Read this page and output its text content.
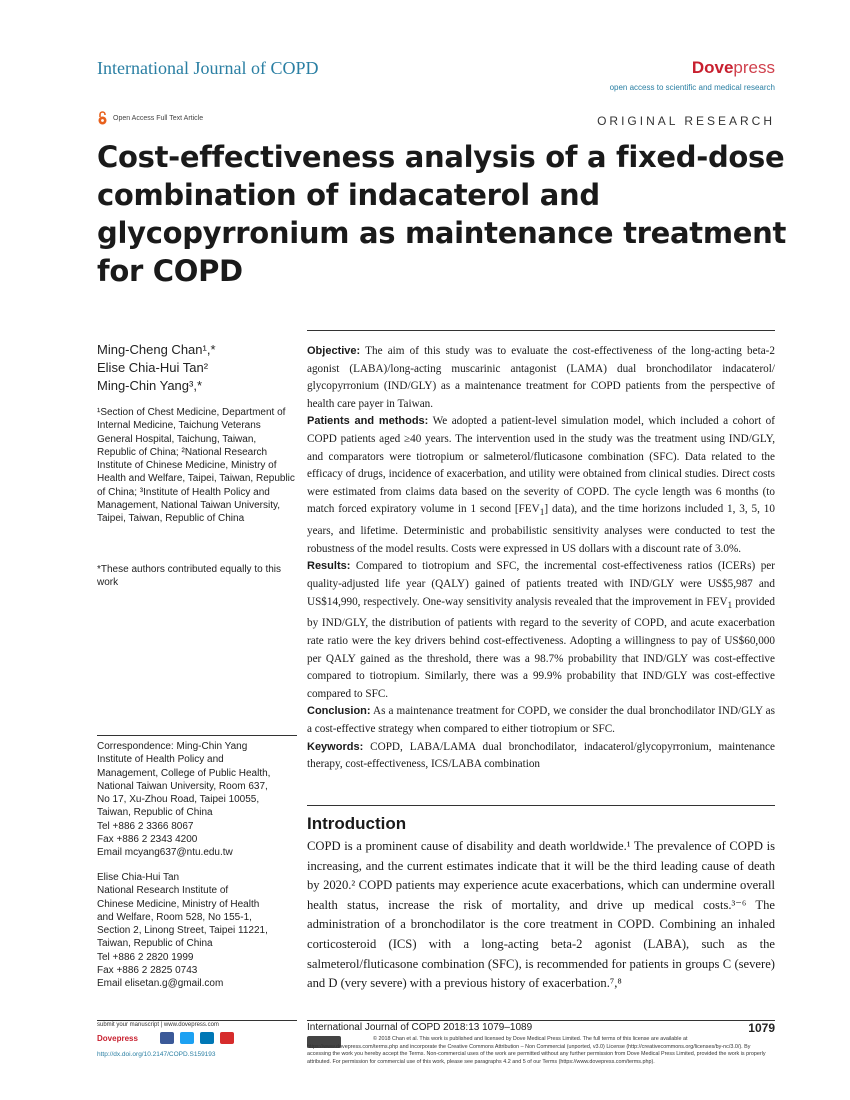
International Journal of COPD	Dovepress
open access to scientific and medical research
Open Access Full Text Article	ORIGINAL RESEARCH
Cost-effectiveness analysis of a fixed-dose combination of indacaterol and glycopyrronium as maintenance treatment for COPD
Ming-Cheng Chan¹,*
Elise Chia-Hui Tan²
Ming-Chin Yang³,*
¹Section of Chest Medicine, Department of Internal Medicine, Taichung Veterans General Hospital, Taichung, Taiwan, Republic of China; ²National Research Institute of Chinese Medicine, Ministry of Health and Welfare, Taipei, Taiwan, Republic of China; ³Institute of Health Policy and Management, National Taiwan University, Taipei, Taiwan, Republic of China
*These authors contributed equally to this work

Objective: The aim of this study was to evaluate the cost-effectiveness of the long-acting beta-2 agonist (LABA)/long-acting muscarinic antagonist (LAMA) dual bronchodilator indacaterol/ glycopyrronium (IND/GLY) as a maintenance treatment for COPD patients from the perspective of health care payer in Taiwan.

Patients and methods: We adopted a patient-level simulation model, which included a cohort of COPD patients aged ≥40 years. The intervention used in the study was the treatment using IND/GLY, and comparators were tiotropium or salmeterol/fluticasone combination (SFC). Data related to the efficacy of drugs, incidence of exacerbation, and utility were obtained from clinical studies. Direct costs were estimated from claims data based on the severity of COPD. The cycle length was 6 months (to match forced expiratory volume in 1 second $[FEV_1]$ data), and the time horizons included 1, 3, 5, 10 years, and lifetime. Deterministic and probabilistic sensitivity analyses were conducted to test the robustness of the model results. Costs were expressed in US dollars with a discount rate of 3.0%.

Results: Compared to tiotropium and SFC, the incremental cost-effectiveness ratios (ICERs) per quality-adjusted life year (QALY) gained of patients treated with IND/GLY were US$5,987 and US$14,990, respectively. One-way sensitivity analysis revealed that the improvement in $FEV_1$ provided by IND/GLY, the distribution of patients with regard to the severity of COPD, and acute exacerbation rate ratio were the key drivers behind cost-effectiveness. Adopting a willingness to pay of US$60,000 per QALY gained as the threshold, there was a 98.7% probability that IND/GLY was cost-effective compared to tiotropium. Similarly, there was a 99.9% probability that IND/GLY was cost-effective compared to SFC.

Conclusion: As a maintenance treatment for COPD, we consider the dual bronchodilator IND/GLY as a cost-effective strategy when compared to either tiotropium or SFC.

Keywords: COPD, LABA/LAMA dual bronchodilator, indacaterol/glycopyrronium, maintenance therapy, cost-effectiveness, ICS/LABA combination

Correspondence: Ming-Chin Yang
Institute of Health Policy and
Management, College of Public Health,
National Taiwan University, Room 637,
No 17, Xu-Zhou Road, Taipei 10055,
Taiwan, Republic of China
Tel +886 2 3366 8067
Fax +886 2 2343 4200
Email mcyang637@ntu.edu.tw
Elise Chia-Hui Tan
National Research Institute of
Chinese Medicine, Ministry of Health
and Welfare, Room 528, No 155-1,
Section 2, Linong Street, Taipei 11221,
Taiwan, Republic of China
Tel +886 2 2820 1999
Fax +886 2 2825 0743
Email elisetan.g@gmail.com
Introduction

COPD is a prominent cause of disability and death worldwide.¹ The prevalence of COPD is increasing, and the current estimates indicate that it will be the third leading cause of death by 2020.² COPD patients may experience acute exacerbations, which can undermine overall health status, increase the risk of mortality, and drive up medical costs.³⁻⁶ The administration of a bronchodilator is the core treatment in COPD. Combining an inhaled corticosteroid (ICS) with a long-acting beta-2 agonist (LABA), such as the salmeterol/fluticasone combination (SFC), is recommended for patients in groups C (severe) and D (very severe) with a previous history of exacerbation.⁷,⁸

submit your manuscript | www.dovepress.com
Dovepress
http://dx.doi.org/10.2147/COPD.S159193
International Journal of COPD 2018:13 1079–1089	1079

© 2018 Chan et al. This work is published and licensed by Dove Medical Press Limited. The full terms of this license are available at https://www.dovepress.com/terms.php and incorporate the Creative Commons Attribution – Non Commercial (unported, v3.0) License (http://creativecommons.org/licenses/by-nc/3.0/). By accessing the work you hereby accept the Terms. Non-commercial uses of the work are permitted without any further permission from Dove Medical Press Limited, provided the work is properly attributed. For permission for commercial use of this work, please see paragraphs 4.2 and 5 of our Terms (https://www.dovepress.com/terms.php).
